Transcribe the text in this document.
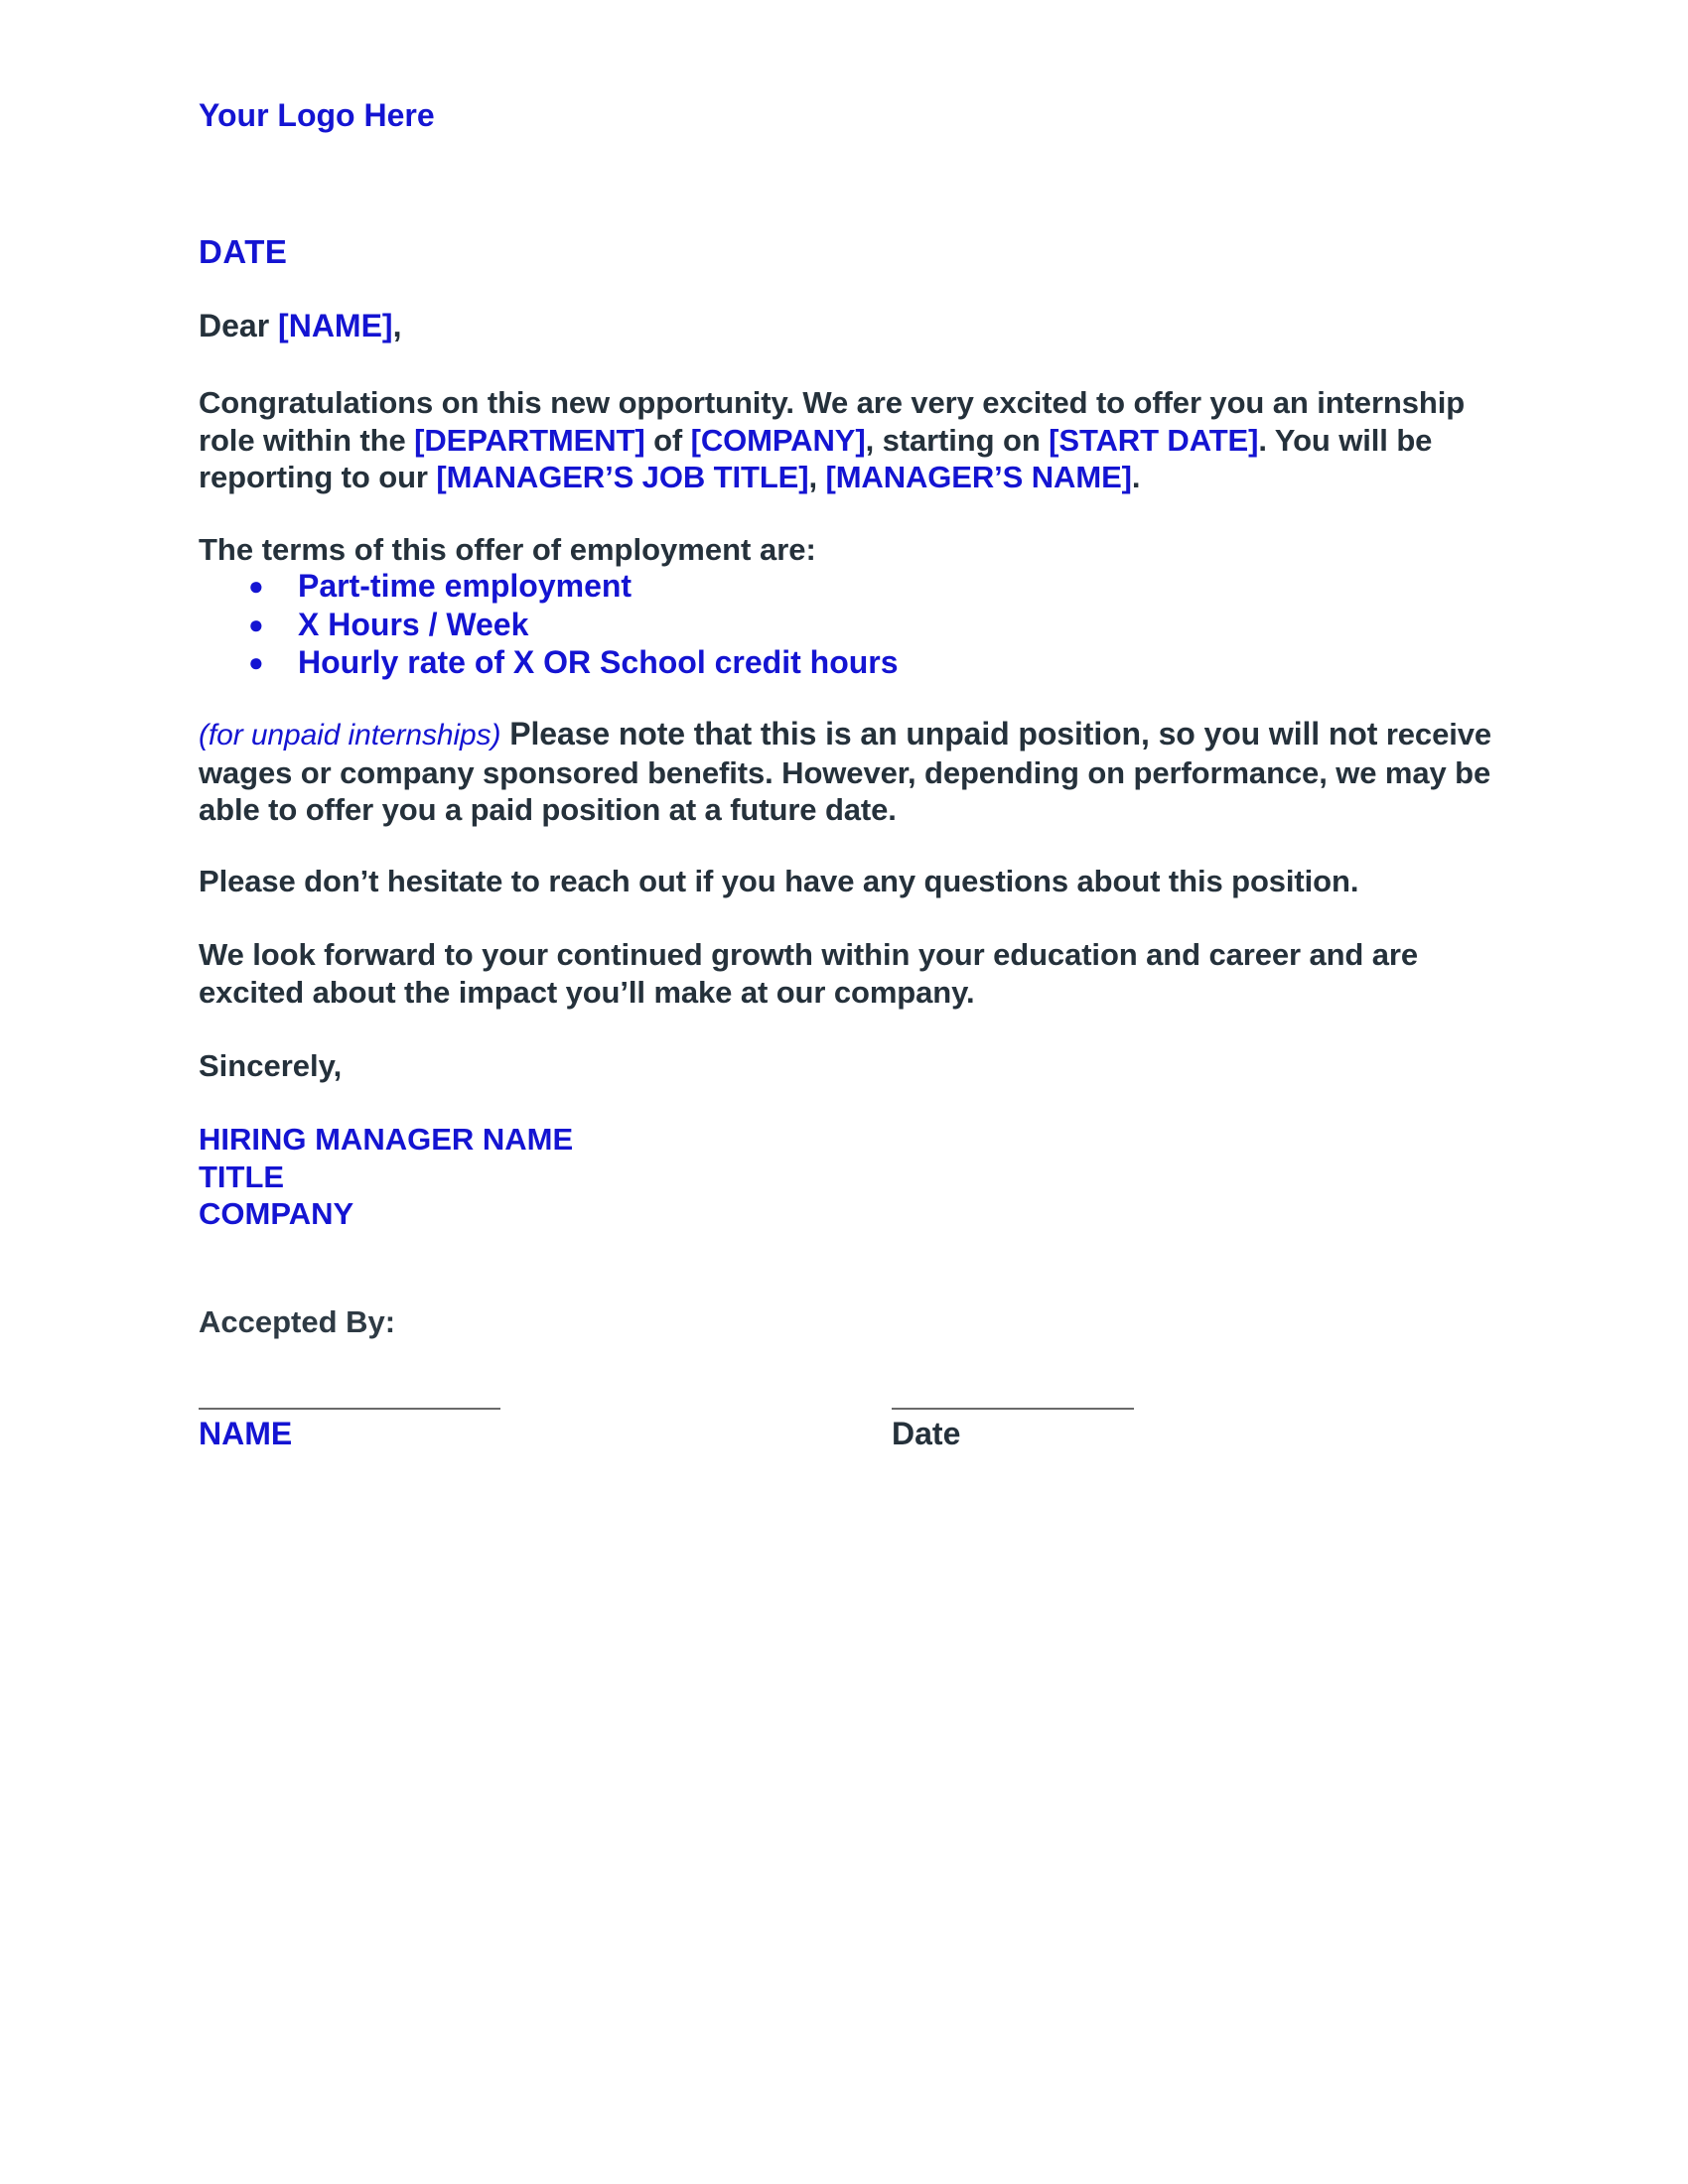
Your Logo Here
DATE
Dear [NAME],
Congratulations on this new opportunity. We are very excited to offer you an internship role within the [DEPARTMENT] of [COMPANY], starting on [START DATE]. You will be reporting to our [MANAGER’S JOB TITLE], [MANAGER’S NAME].
The terms of this offer of employment are:
● Part-time employment
● X Hours / Week
● Hourly rate of X OR School credit hours
(for unpaid internships) Please note that this is an unpaid position, so you will not receive wages or company sponsored benefits. However, depending on performance, we may be able to offer you a paid position at a future date.
Please don’t hesitate to reach out if you have any questions about this position.
We look forward to your continued growth within your education and career and are excited about the impact you’ll make at our company.
Sincerely,
HIRING MANAGER NAME
TITLE
COMPANY
Accepted By:
NAME	Date
